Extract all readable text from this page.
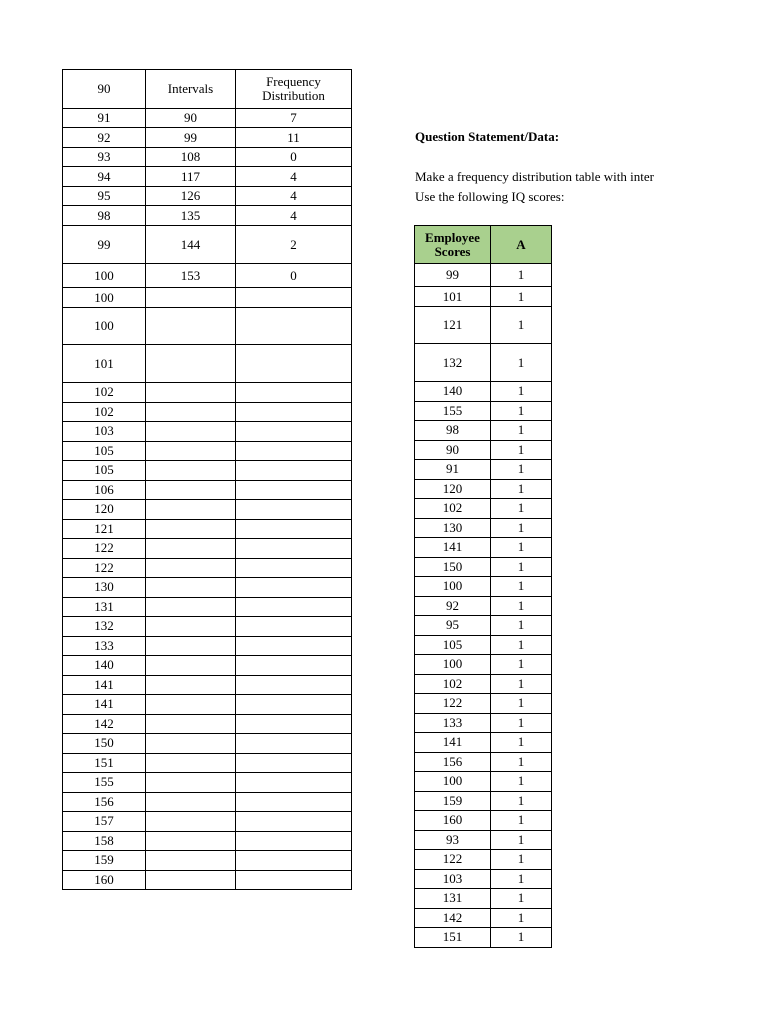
90	Intervals	Frequency Distribution
91	90	7
92	99	11
93	108	0
94	117	4
95	126	4
98	135	4
99	144	2
100	153	0
100		
100		
101		
102		
102		
103		
105		
105		
106		
120		
121		
122		
122		
130		
131		
132		
133		
140		
141		
141		
142		
150		
151		
155		
156		
157		
158		
159		
160		
Question Statement/Data:
Make a frequency distribution table with inter
Use the following IQ scores:
Employee Scores	A
99	1
101	1
121	1
132	1
140	1
155	1
98	1
90	1
91	1
120	1
102	1
130	1
141	1
150	1
100	1
92	1
95	1
105	1
100	1
102	1
122	1
133	1
141	1
156	1
100	1
159	1
160	1
93	1
122	1
103	1
131	1
142	1
151	1
